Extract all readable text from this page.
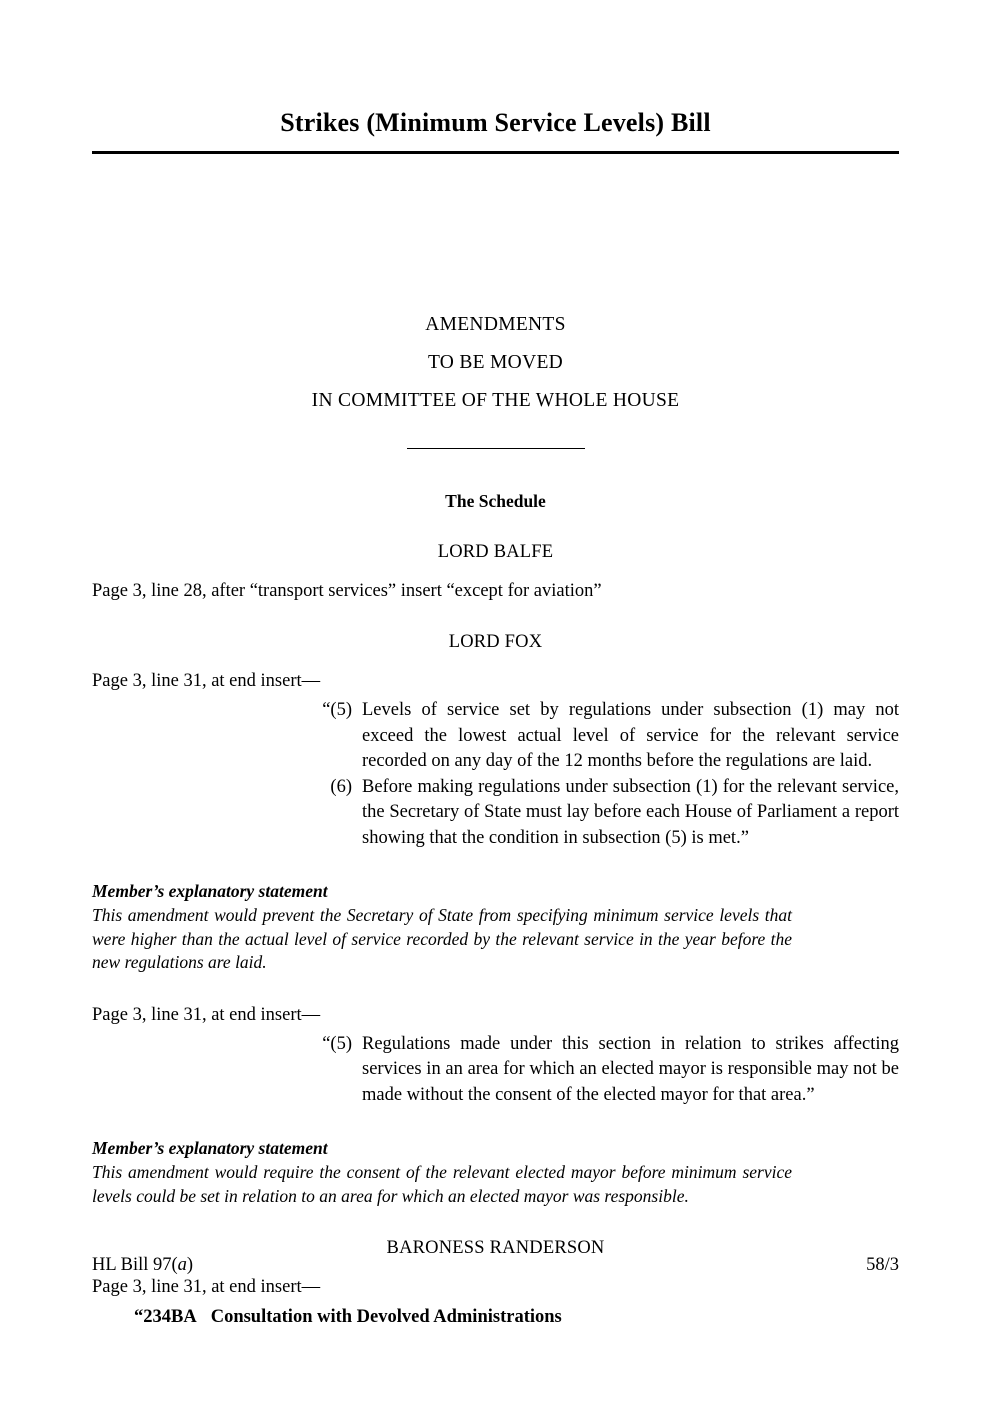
Strikes (Minimum Service Levels) Bill
AMENDMENTS
TO BE MOVED
IN COMMITTEE OF THE WHOLE HOUSE
The Schedule
LORD BALFE
Page 3, line 28, after “transport services” insert “except for aviation”
LORD FOX
Page 3, line 31, at end insert—
“(5) Levels of service set by regulations under subsection (1) may not exceed the lowest actual level of service for the relevant service recorded on any day of the 12 months before the regulations are laid.
(6) Before making regulations under subsection (1) for the relevant service, the Secretary of State must lay before each House of Parliament a report showing that the condition in subsection (5) is met.”
Member’s explanatory statement
This amendment would prevent the Secretary of State from specifying minimum service levels that were higher than the actual level of service recorded by the relevant service in the year before the new regulations are laid.
Page 3, line 31, at end insert—
“(5) Regulations made under this section in relation to strikes affecting services in an area for which an elected mayor is responsible may not be made without the consent of the elected mayor for that area.”
Member’s explanatory statement
This amendment would require the consent of the relevant elected mayor before minimum service levels could be set in relation to an area for which an elected mayor was responsible.
BARONESS RANDERSON
Page 3, line 31, at end insert—
“234BA Consultation with Devolved Administrations
HL Bill 97(a)	58/3
